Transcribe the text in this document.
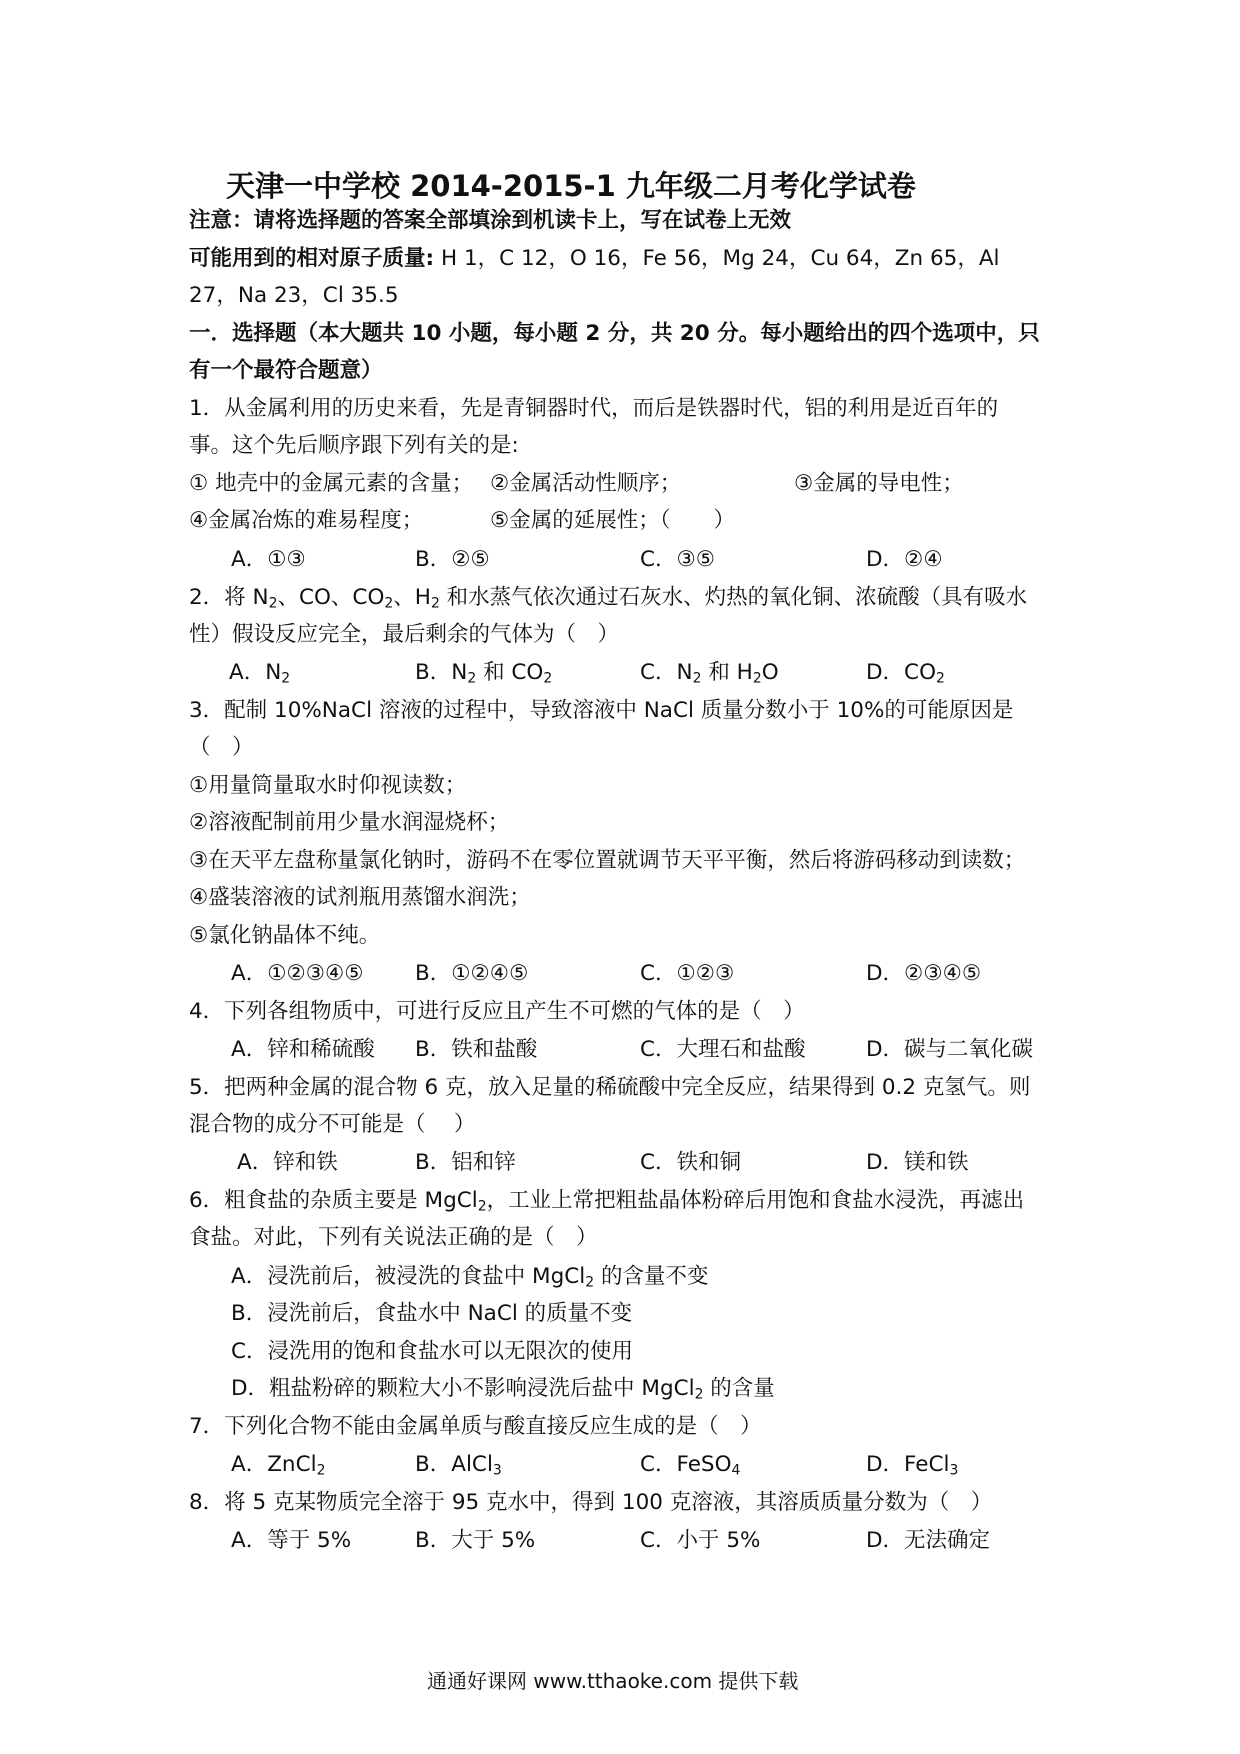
天津一中学校 2014-2015-1 九年级二月考化学试卷
注意：请将选择题的答案全部填涂到机读卡上，写在试卷上无效
可能用到的相对原子质量: H 1，C 12，O 16，Fe 56，Mg 24，Cu 64，Zn 65，Al
27，Na 23，Cl 35.5
一．选择题（本大题共 10 小题，每小题 2 分，共 20 分。每小题给出的四个选项中，只
有一个最符合题意）
1．从金属利用的历史来看，先是青铜器时代，而后是铁器时代，铝的利用是近百年的
事。这个先后顺序跟下列有关的是:
① 地壳中的金属元素的含量； ②金属活动性顺序；	③金属的导电性；
④金属冶炼的难易程度；	⑤金属的延展性；（　　）
A．①③	B．②⑤	C．③⑤	D．②④
2．将 $N_2$、CO、$CO_2$、$H_2$ 和水蒸气依次通过石灰水、灼热的氧化铜、浓硫酸（具有吸水
性）假设反应完全，最后剩余的气体为（　）
A．$N_2$	B．$N_2$ 和 $CO_2$	C．$N_2$ 和 $H_2O$	D．$CO_2$
3．配制 10%NaCl 溶液的过程中，导致溶液中 NaCl 质量分数小于 10%的可能原因是
（　）
①用量筒量取水时仰视读数；
②溶液配制前用少量水润湿烧杯；
③在天平左盘称量氯化钠时，游码不在零位置就调节天平平衡，然后将游码移动到读数；
④盛装溶液的试剂瓶用蒸馏水润洗；
⑤氯化钠晶体不纯。
A．①②③④⑤ B．①②④⑤	C．①②③	D．②③④⑤
4．下列各组物质中，可进行反应且产生不可燃的气体的是（　）
A．锌和稀硫酸 B．铁和盐酸	C．大理石和盐酸	D．碳与二氧化碳
5．把两种金属的混合物 6 克，放入足量的稀硫酸中完全反应，结果得到 0.2 克氢气。则
混合物的成分不可能是（　 ）
A．锌和铁	B．铝和锌	C．铁和铜	D．镁和铁
6．粗食盐的杂质主要是 MgCl$_2$，工业上常把粗盐晶体粉碎后用饱和食盐水浸洗，再滤出
食盐。对此，下列有关说法正确的是（　）
A．浸洗前后，被浸洗的食盐中 MgCl$_2$ 的含量不变
B．浸洗前后，食盐水中 NaCl 的质量不变
C．浸洗用的饱和食盐水可以无限次的使用
D．粗盐粉碎的颗粒大小不影响浸洗后盐中 MgCl$_2$ 的含量
7．下列化合物不能由金属单质与酸直接反应生成的是（　）
A．ZnCl$_2$	B．AlCl$_3$	C．FeSO$_4$	D．FeCl$_3$
8．将 5 克某物质完全溶于 95 克水中，得到 100 克溶液，其溶质质量分数为（　）
A．等于 5%	B．大于 5%	C．小于 5%	D．无法确定
通通好课网 www.tthaoke.com 提供下载
